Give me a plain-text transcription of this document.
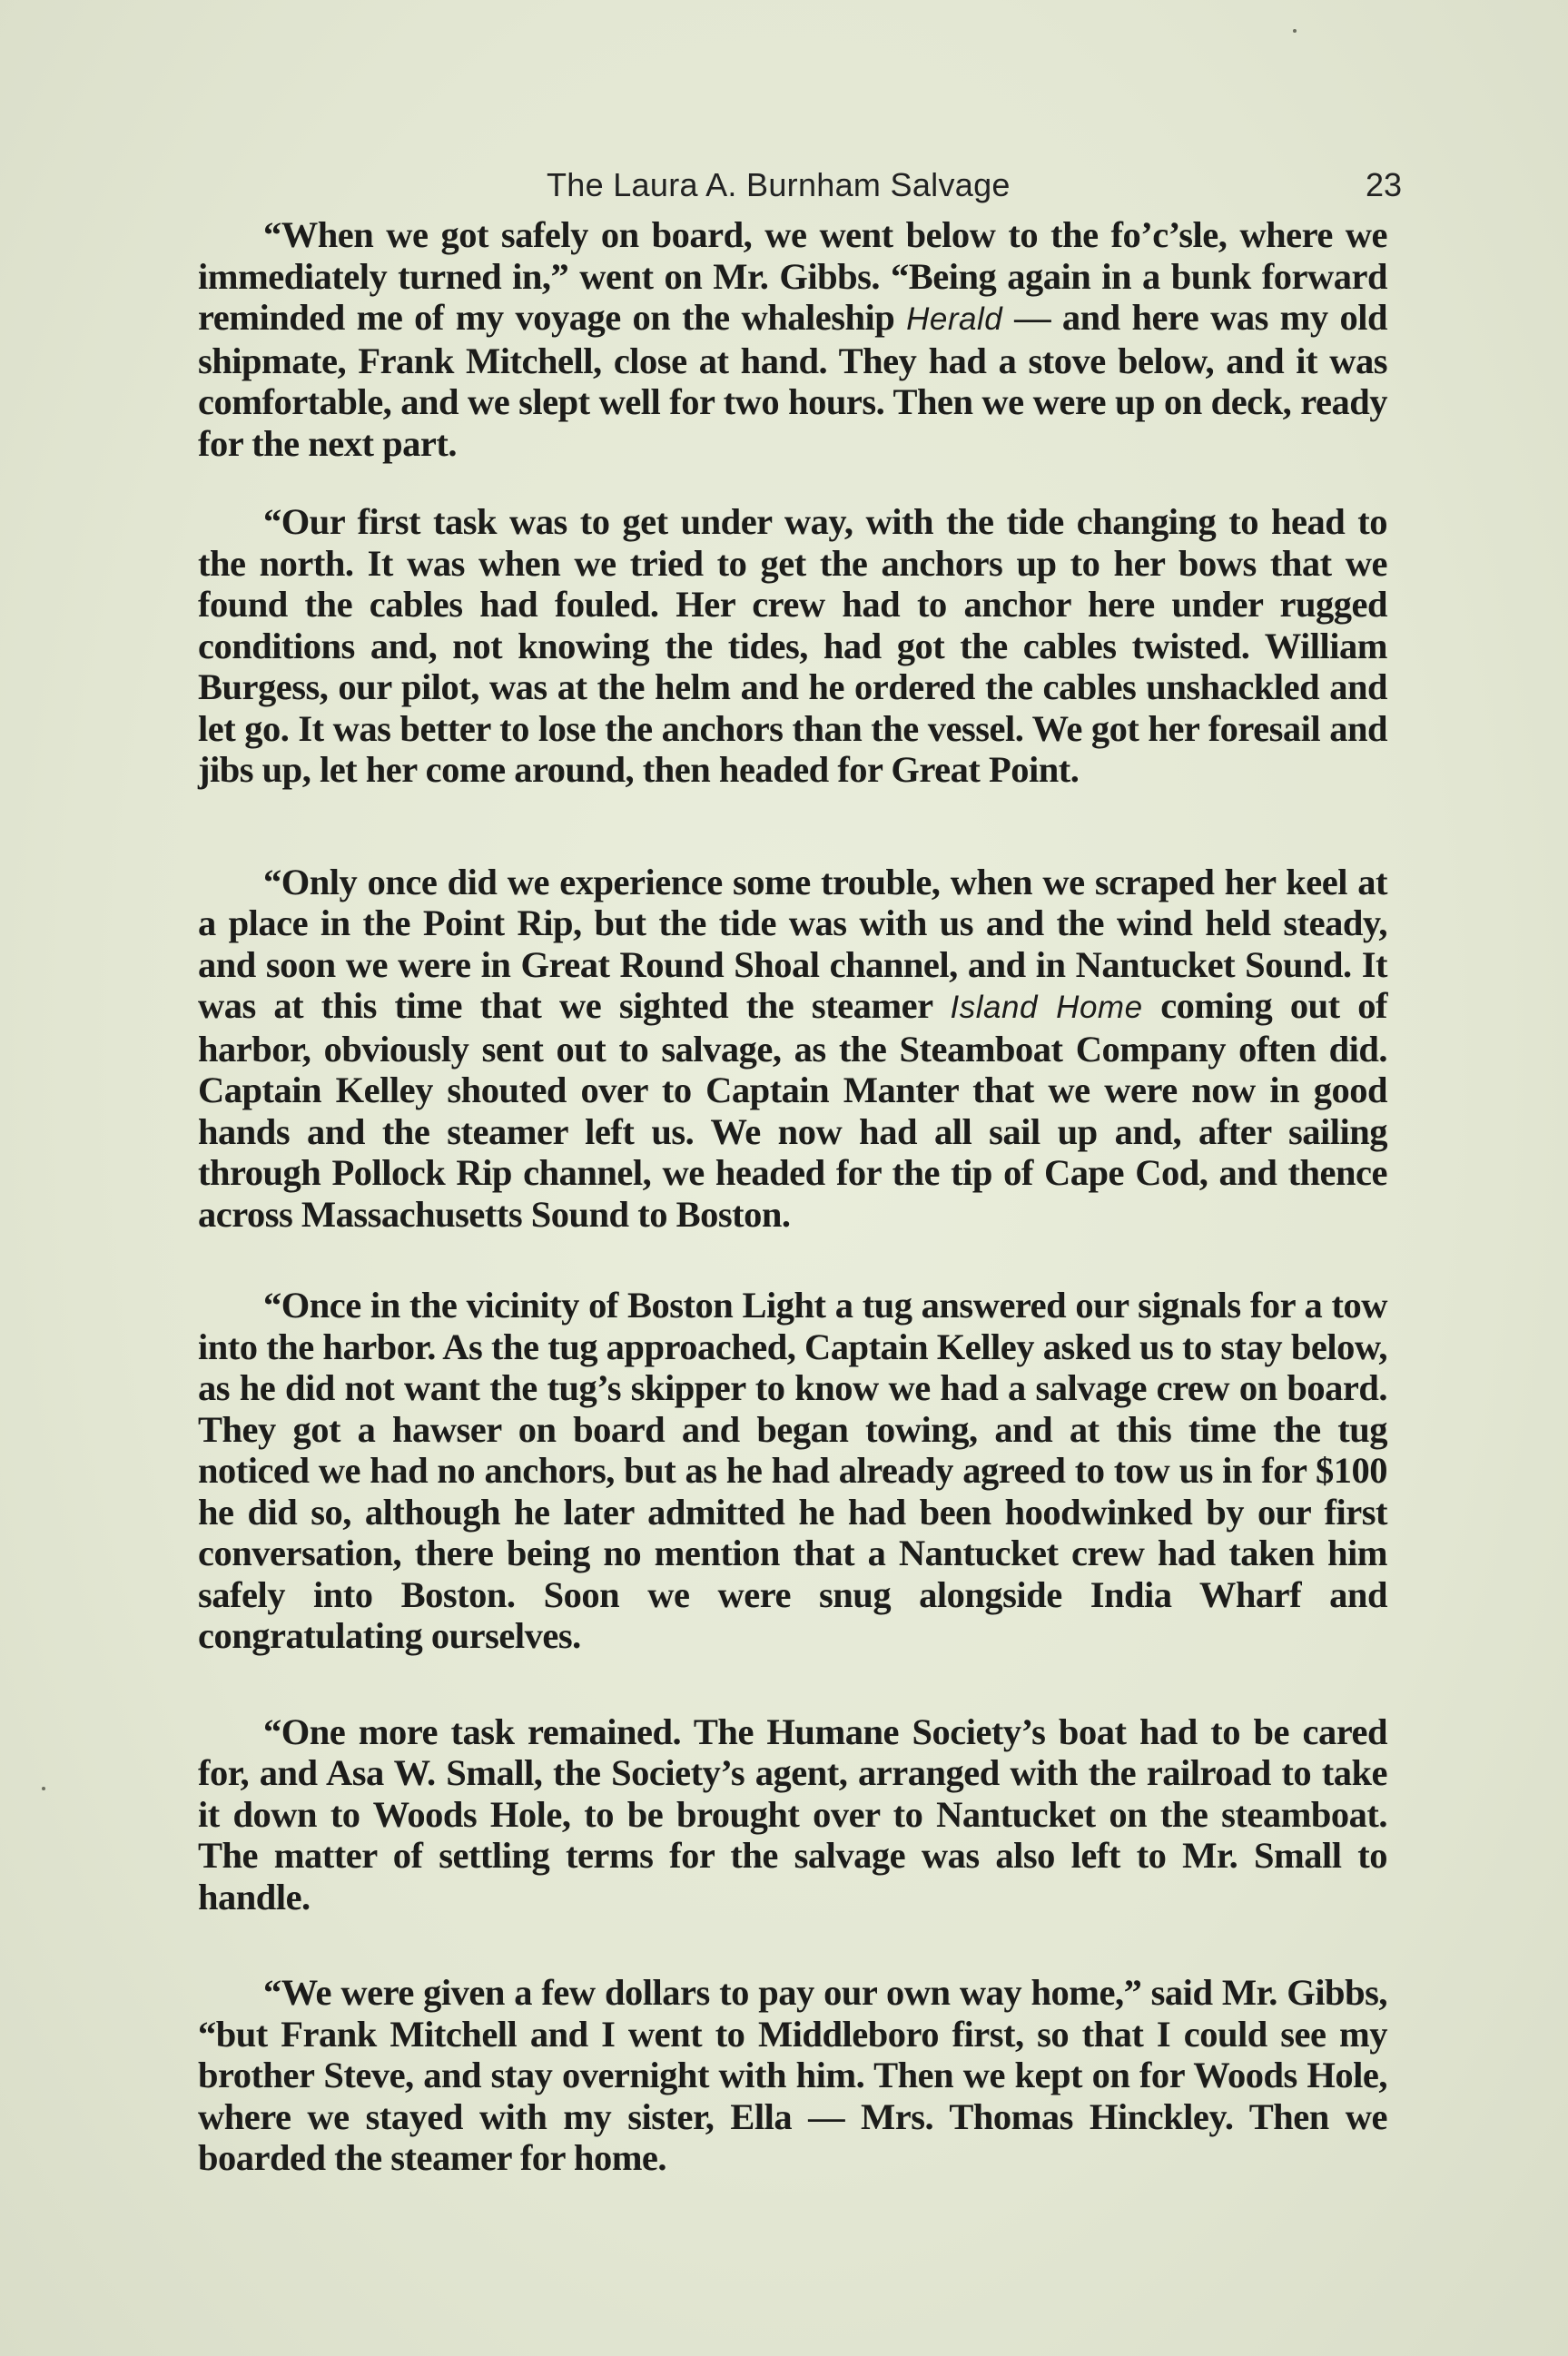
The Laura A. Burnham Salvage	23

“When we got safely on board, we went below to the fo’c’sle, where we immediately turned in,” went on Mr. Gibbs. “Being again in a bunk forward reminded me of my voyage on the whaleship Herald — and here was my old shipmate, Frank Mitchell, close at hand. They had a stove below, and it was comfortable, and we slept well for two hours. Then we were up on deck, ready for the next part.

“Our first task was to get under way, with the tide changing to head to the north. It was when we tried to get the anchors up to her bows that we found the cables had fouled. Her crew had to anchor here under rugged conditions and, not knowing the tides, had got the cables twisted. William Burgess, our pilot, was at the helm and he ordered the cables unshackled and let go. It was better to lose the anchors than the vessel. We got her foresail and jibs up, let her come around, then headed for Great Point.

“Only once did we experience some trouble, when we scraped her keel at a place in the Point Rip, but the tide was with us and the wind held steady, and soon we were in Great Round Shoal channel, and in Nantucket Sound. It was at this time that we sighted the steamer Island Home coming out of harbor, obviously sent out to salvage, as the Steamboat Company often did. Captain Kelley shouted over to Captain Manter that we were now in good hands and the steamer left us. We now had all sail up and, after sailing through Pollock Rip channel, we headed for the tip of Cape Cod, and thence across Massachusetts Sound to Boston.

“Once in the vicinity of Boston Light a tug answered our signals for a tow into the harbor. As the tug approached, Captain Kelley asked us to stay below, as he did not want the tug’s skipper to know we had a salvage crew on board. They got a hawser on board and began towing, and at this time the tug noticed we had no anchors, but as he had already agreed to tow us in for $100 he did so, although he later admitted he had been hoodwinked by our first conversation, there being no mention that a Nantucket crew had taken him safely into Boston. Soon we were snug alongside India Wharf and congratulating ourselves.

“One more task remained. The Humane Society’s boat had to be cared for, and Asa W. Small, the Society’s agent, arranged with the railroad to take it down to Woods Hole, to be brought over to Nantucket on the steamboat. The matter of settling terms for the salvage was also left to Mr. Small to handle.

“We were given a few dollars to pay our own way home,” said Mr. Gibbs, “but Frank Mitchell and I went to Middleboro first, so that I could see my brother Steve, and stay overnight with him. Then we kept on for Woods Hole, where we stayed with my sister, Ella — Mrs. Thomas Hinckley. Then we boarded the steamer for home.
